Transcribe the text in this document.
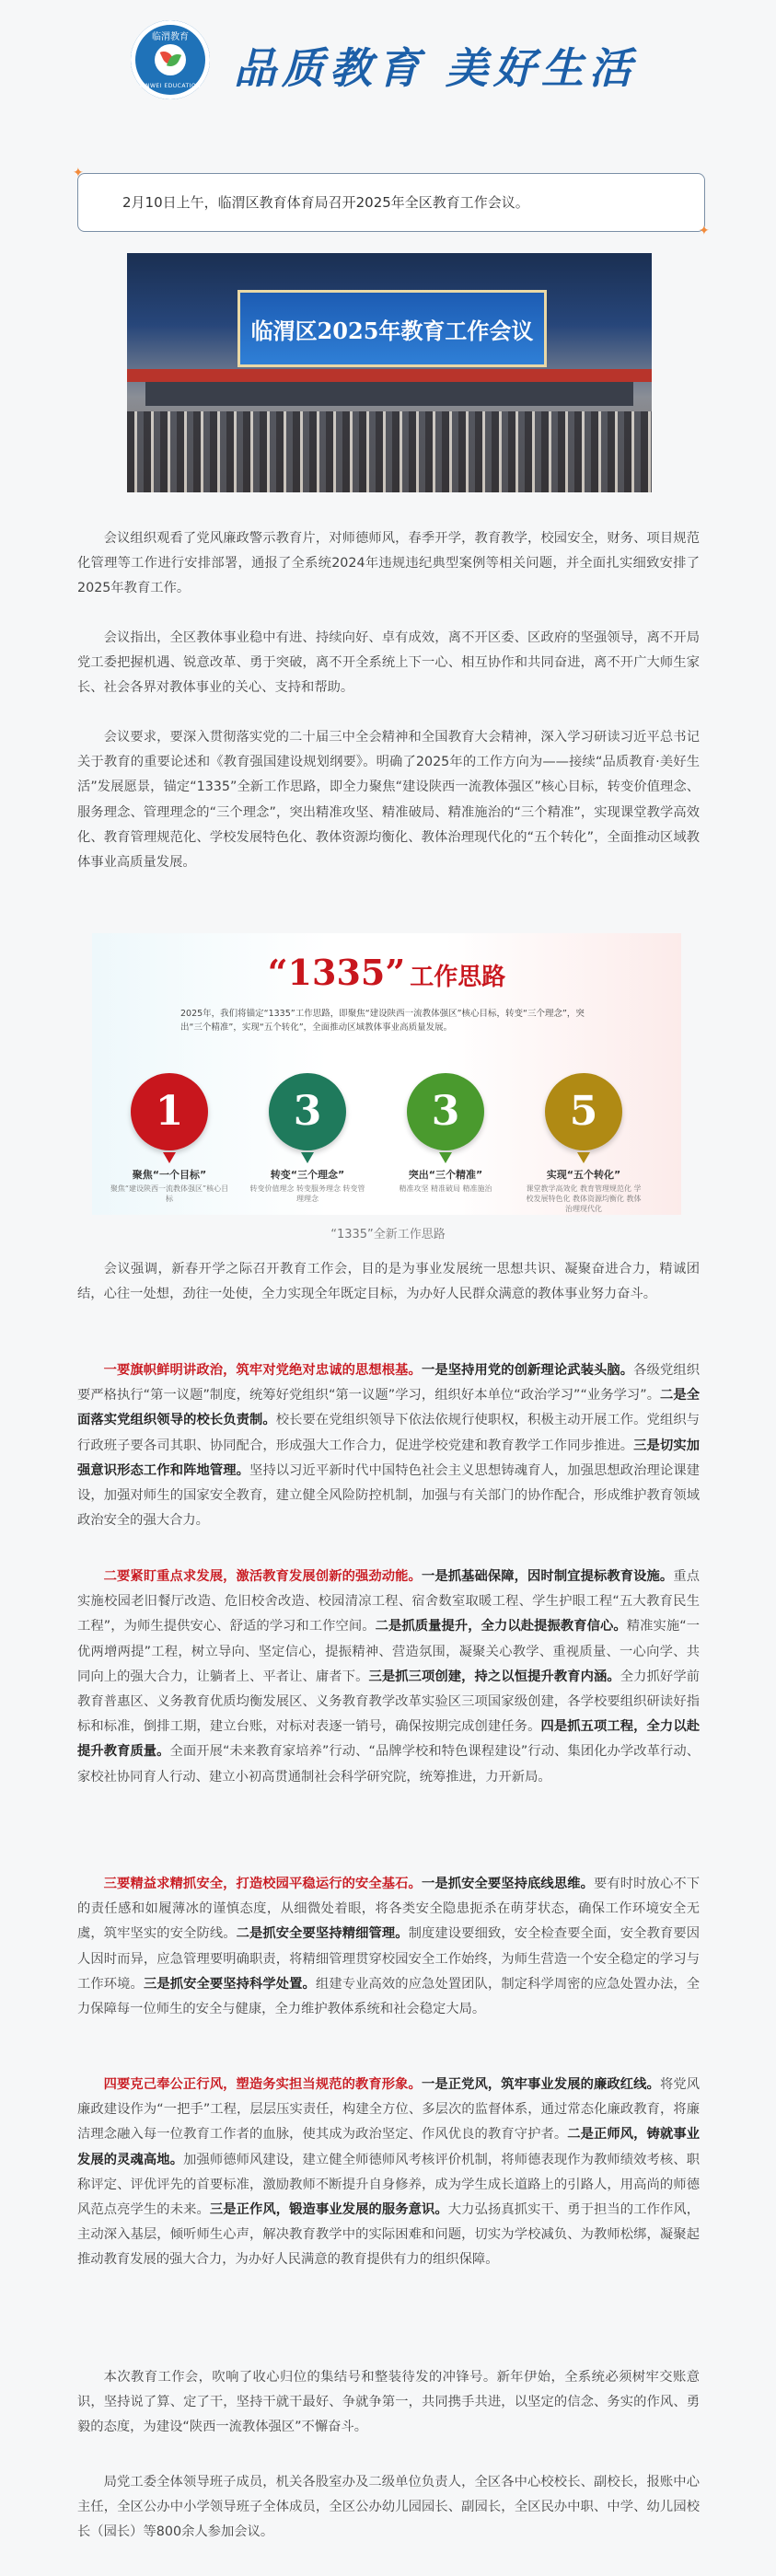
临渭教育
LINWEI EDUCATION 品质教育 美好生活
✦
✦
2月10日上午，临渭区教育体育局召开2025年全区教育工作会议。
临渭区2025年教育工作会议

会议组织观看了党风廉政警示教育片，对师德师风，春季开学，教育教学，校园安全，财务、项目规范化管理等工作进行安排部署，通报了全系统2024年违规违纪典型案例等相关问题，并全面扎实细致安排了2025年教育工作。

会议指出，全区教体事业稳中有进、持续向好、卓有成效，离不开区委、区政府的坚强领导，离不开局党工委把握机遇、锐意改革、勇于突破，离不开全系统上下一心、相互协作和共同奋进，离不开广大师生家长、社会各界对教体事业的关心、支持和帮助。

会议要求，要深入贯彻落实党的二十届三中全会精神和全国教育大会精神，深入学习研读习近平总书记关于教育的重要论述和《教育强国建设规划纲要》。明确了2025年的工作方向为——接续“品质教育·美好生活”发展愿景，锚定“1335”全新工作思路，即全力聚焦“建设陕西一流教体强区”核心目标，转变价值理念、服务理念、管理理念的“三个理念”，突出精准攻坚、精准破局、精准施治的“三个精准”，实现课堂教学高效化、教育管理规范化、学校发展特色化、教体资源均衡化、教体治理现代化的“五个转化”，全面推动区域教体事业高质量发展。

“1335” 工作思路
2025年，我们将锚定“1335”工作思路，即聚焦“建设陕西一流教体强区”核心目标，转变“三个理念”，突出“三个精准”，实现“五个转化”，全面推动区域教体事业高质量发展。
1
聚焦“一个目标”
聚焦“建设陕西一流教体强区”核心目标
3
转变“三个理念”
转变价值理念 转变服务理念 转变管理理念
3
突出“三个精准”
精准攻坚 精准破局 精准施治
5
实现“五个转化”
课堂教学高效化 教育管理规范化 学校发展特色化 教体资源均衡化 教体治理现代化
“1335”全新工作思路

会议强调，新春开学之际召开教育工作会，目的是为事业发展统一思想共识、凝聚奋进合力，精诚团结，心往一处想，劲往一处使，全力实现全年既定目标，为办好人民群众满意的教体事业努力奋斗。

一要旗帜鲜明讲政治，筑牢对党绝对忠诚的思想根基。一是坚持用党的创新理论武装头脑。各级党组织要严格执行“第一议题”制度，统筹好党组织“第一议题”学习，组织好本单位“政治学习”“业务学习”。二是全面落实党组织领导的校长负责制。校长要在党组织领导下依法依规行使职权，积极主动开展工作。党组织与行政班子要各司其职、协同配合，形成强大工作合力，促进学校党建和教育教学工作同步推进。三是切实加强意识形态工作和阵地管理。坚持以习近平新时代中国特色社会主义思想铸魂育人，加强思想政治理论课建设，加强对师生的国家安全教育，建立健全风险防控机制，加强与有关部门的协作配合，形成维护教育领域政治安全的强大合力。

二要紧盯重点求发展，激活教育发展创新的强劲动能。一是抓基础保障，因时制宜提标教育设施。重点实施校园老旧餐厅改造、危旧校舍改造、校园清凉工程、宿舍数室取暖工程、学生护眼工程“五大教育民生工程”，为师生提供安心、舒适的学习和工作空间。二是抓质量提升，全力以赴提振教育信心。精准实施“一优两增两提”工程，树立导向、坚定信心，提振精神、营造氛围，凝聚关心教学、重视质量、一心向学、共同向上的强大合力，让躺者上、平者让、庸者下。三是抓三项创建，持之以恒提升教育内涵。全力抓好学前教育普惠区、义务教育优质均衡发展区、义务教育教学改革实验区三项国家级创建，各学校要组织研读好指标和标准，倒排工期，建立台账，对标对表逐一销号，确保按期完成创建任务。四是抓五项工程，全力以赴提升教育质量。全面开展“未来教育家培养”行动、“品牌学校和特色课程建设”行动、集团化办学改革行动、家校社协同育人行动、建立小初高贯通制社会科学研究院，统筹推进，力开新局。

三要精益求精抓安全，打造校园平稳运行的安全基石。一是抓安全要坚持底线思维。要有时时放心不下的责任感和如履薄冰的谨慎态度，从细微处着眼，将各类安全隐患扼杀在萌芽状态，确保工作环境安全无虞，筑牢坚实的安全防线。二是抓安全要坚持精细管理。制度建设要细致，安全检查要全面，安全教育要因人因时而异，应急管理要明确职责，将精细管理贯穿校园安全工作始终，为师生营造一个安全稳定的学习与工作环境。三是抓安全要坚持科学处置。组建专业高效的应急处置团队，制定科学周密的应急处置办法，全力保障每一位师生的安全与健康，全力维护教体系统和社会稳定大局。

四要克己奉公正行风，塑造务实担当规范的教育形象。一是正党风，筑牢事业发展的廉政红线。将党风廉政建设作为“一把手”工程，层层压实责任，构建全方位、多层次的监督体系，通过常态化廉政教育，将廉洁理念融入每一位教育工作者的血脉，使其成为政治坚定、作风优良的教育守护者。二是正师风，铸就事业发展的灵魂高地。加强师德师风建设，建立健全师德师风考核评价机制，将师德表现作为教师绩效考核、职称评定、评优评先的首要标准，激励教师不断提升自身修养，成为学生成长道路上的引路人，用高尚的师德风范点亮学生的未来。三是正作风，锻造事业发展的服务意识。大力弘扬真抓实干、勇于担当的工作作风，主动深入基层，倾听师生心声，解决教育教学中的实际困难和问题，切实为学校减负、为教师松绑，凝聚起推动教育发展的强大合力，为办好人民满意的教育提供有力的组织保障。

本次教育工作会，吹响了收心归位的集结号和整装待发的冲锋号。新年伊始，全系统必须树牢交账意识，坚持说了算、定了干，坚持干就干最好、争就争第一，共同携手共进，以坚定的信念、务实的作风、勇毅的态度，为建设“陕西一流教体强区”不懈奋斗。

局党工委全体领导班子成员，机关各股室办及二级单位负责人，全区各中心校校长、副校长，报账中心主任，全区公办中小学领导班子全体成员，全区公办幼儿园园长、副园长，全区民办中职、中学、幼儿园校长（园长）等800余人参加会议。
